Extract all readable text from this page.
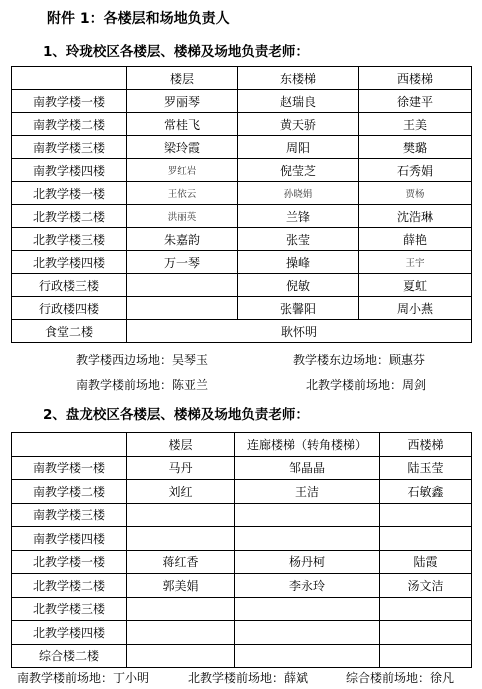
附件 1：各楼层和场地负责人
1、玲珑校区各楼层、楼梯及场地负责老师：
	楼层	东楼梯	西楼梯
南教学楼一楼	罗丽琴	赵瑞良	徐建平
南教学楼二楼	常桂飞	黄天骄	王美
南教学楼三楼	梁玲霞	周阳	樊璐
南教学楼四楼	罗红岩	倪莹芝	石秀娟
北教学楼一楼	王依云	孙晓娟	贾杨
北教学楼二楼	洪丽英	兰锋	沈浩琳
北教学楼三楼	朱嘉韵	张莹	薛艳
北教学楼四楼	万一琴	操峰	王宇
行政楼三楼		倪敏	夏虹
行政楼四楼		张馨阳	周小燕
食堂二楼	耿怀明		
教学楼西边场地：吴琴玉	教学楼东边场地：顾惠芬
南教学楼前场地：陈亚兰	北教学楼前场地：周剑
2、盘龙校区各楼层、楼梯及场地负责老师：
	楼层	连廊楼梯（转角楼梯）	西楼梯
南教学楼一楼	马丹	邹晶晶	陆玉莹
南教学楼二楼	刘红	王洁	石敏鑫
南教学楼三楼			
南教学楼四楼			
北教学楼一楼	蒋红香	杨丹柯	陆霞
北教学楼二楼	郭美娟	李永玲	汤文洁
北教学楼三楼			
北教学楼四楼			
综合楼二楼			
南教学楼前场地：丁小明	北教学楼前场地：薛斌	综合楼前场地：徐凡
